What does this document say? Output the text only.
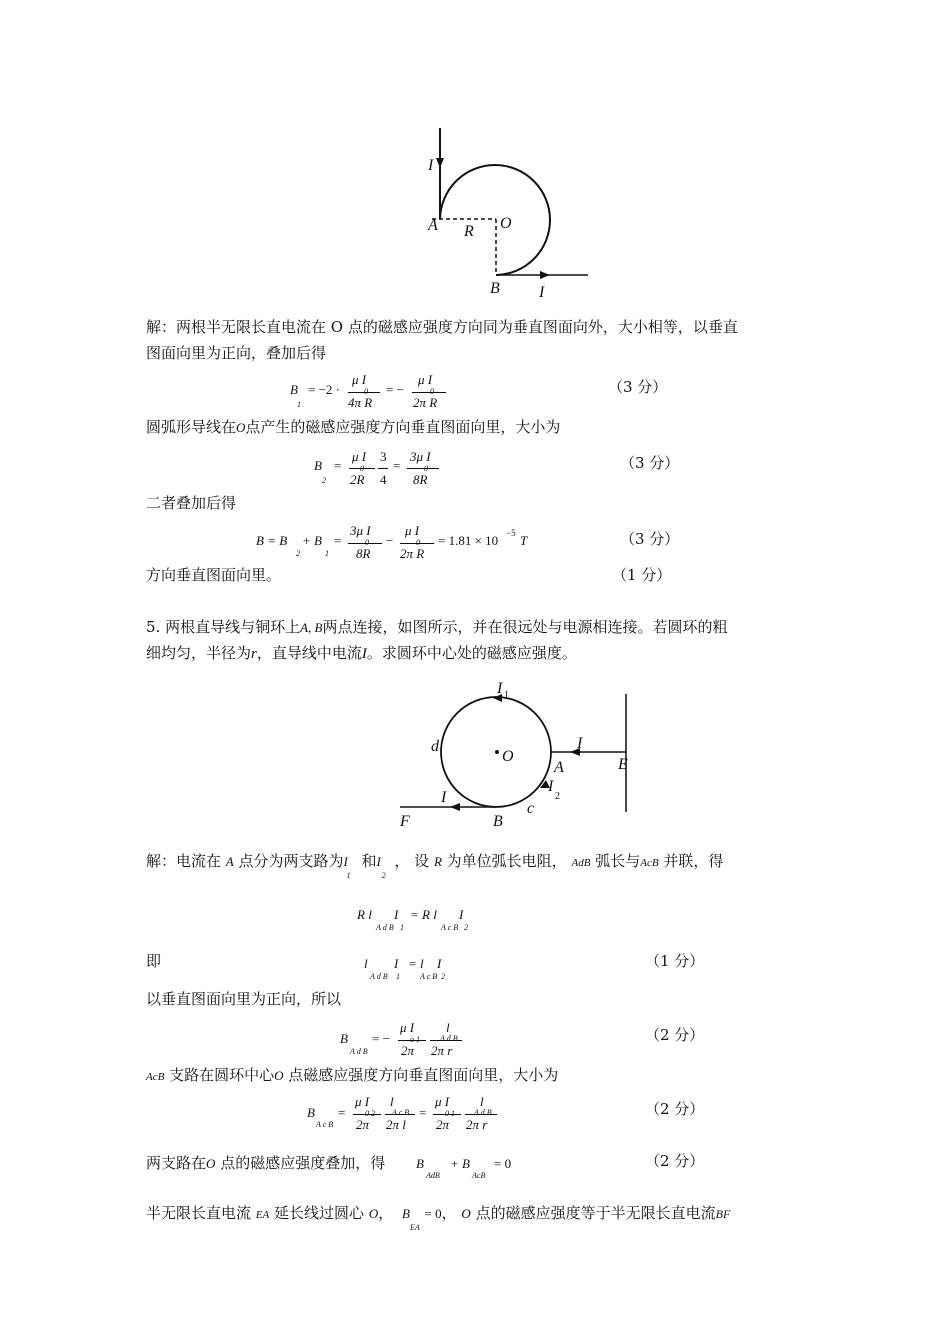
I
A	O
R
B I
解：两根半无限长直电流在 O 点的磁感应强度方向同为垂直图面向外，大小相等，以垂直
图面向里为正向，叠加后得
B
1
= −2 ·
μ I
0
4π R
= −
μ I
0
2π R
（3 分）
圆弧形导线在O点产生的磁感应强度方向垂直图面向里，大小为
B
2
=
μ I
0
2R
3
4
=
3μ I
0
8R
（3 分）
二者叠加后得
B = B
2
+ B
1
=
3μ I
0
8R
−
μ I
0
2π R
= 1.81 × 10 −5 T	（3 分）
方向垂直图面向里。	（1 分）
5. 两根直导线与铜环上A, B两点连接，如图所示，并在很远处与电源相连接。若圆环的粗
细均匀，半径为r，直导线中电流I。求圆环中心处的磁感应强度。
I 1
d
O
I
A	E
I
I
2
c
F	B
解：电流在 A 点分为两支路为I $_1$ 和I $_2$ ， 设 R 为单位弧长电阻， AdB 弧长与AcB 并联，得
R l
A d B
I
1
= R l
A c B
I
2
即	l
A d B
I
1
= l
A c B
I
2
（1 分）
以垂直图面向里为正向，所以
B
A d B
= −
μ I
o 1
2π
l
A d B
2π r
（2 分）
AcB 支路在圆环中心O 点磁感应强度方向垂直图面向里，大小为
B
A c B
=
μ I
0 2
2π
l
A c B
2π l
=
μ I
0 1
2π
l
A d B
2π r
（2 分）
两支路在O 点的磁感应强度叠加，得 B
AdB
+ B
AcB
= 0	（2 分）
半无限长直电流 EA 延长线过圆心 O， $B_{EA} = 0$， O 点的磁感应强度等于半无限长直电流BF
